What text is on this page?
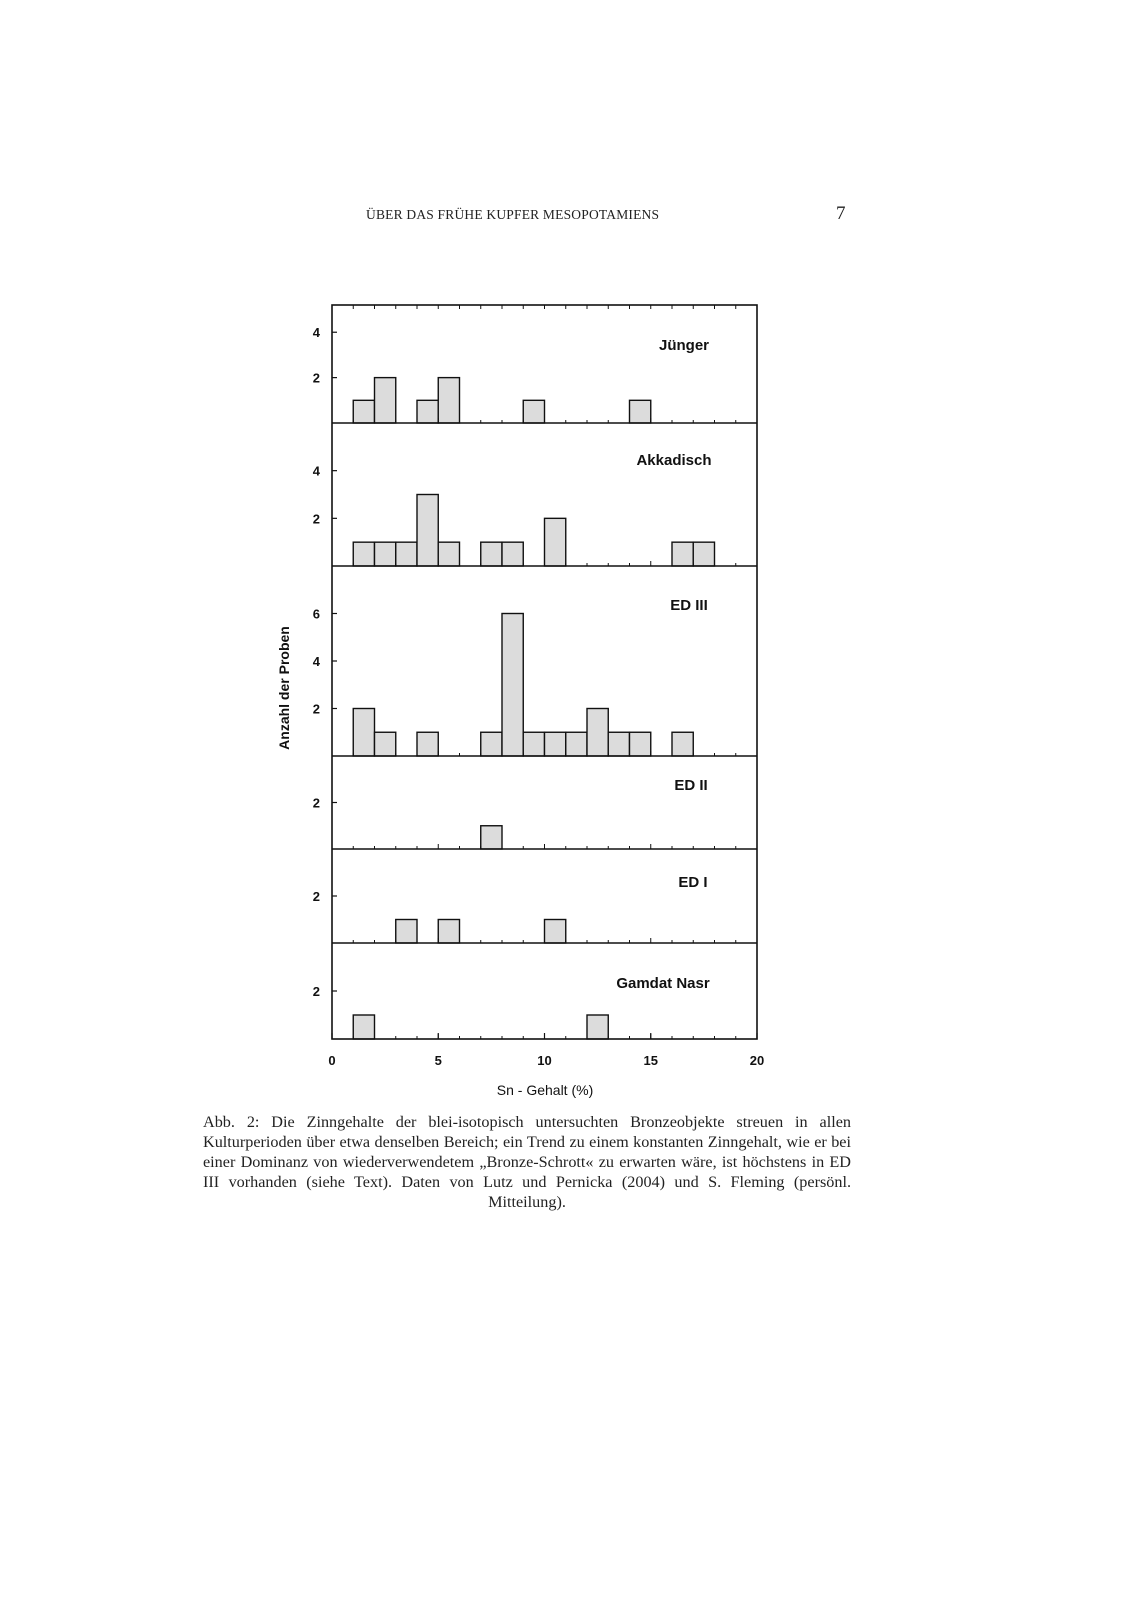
ÜBER DAS FRÜHE KUPFER MESOPOTAMIENS	7
2
4
Jünger
2
4
Akkadisch
2
4
6	ED III
2
ED II
2
ED I
2	Gamdat Nasr
0	5	10	15	20
Sn - Gehalt (%)
Anzahl der Proben
Abb. 2: Die Zinngehalte der blei-isotopisch untersuchten Bronzeobjekte streuen in allen Kulturperioden über etwa denselben Bereich; ein Trend zu einem konstanten Zinngehalt, wie er bei einer Dominanz von wiederverwendetem „Bronze-Schrott« zu erwarten wäre, ist höchstens in ED III vorhanden (siehe Text). Daten von Lutz und Pernicka (2004) und S. Fleming (persönl. Mitteilung).
